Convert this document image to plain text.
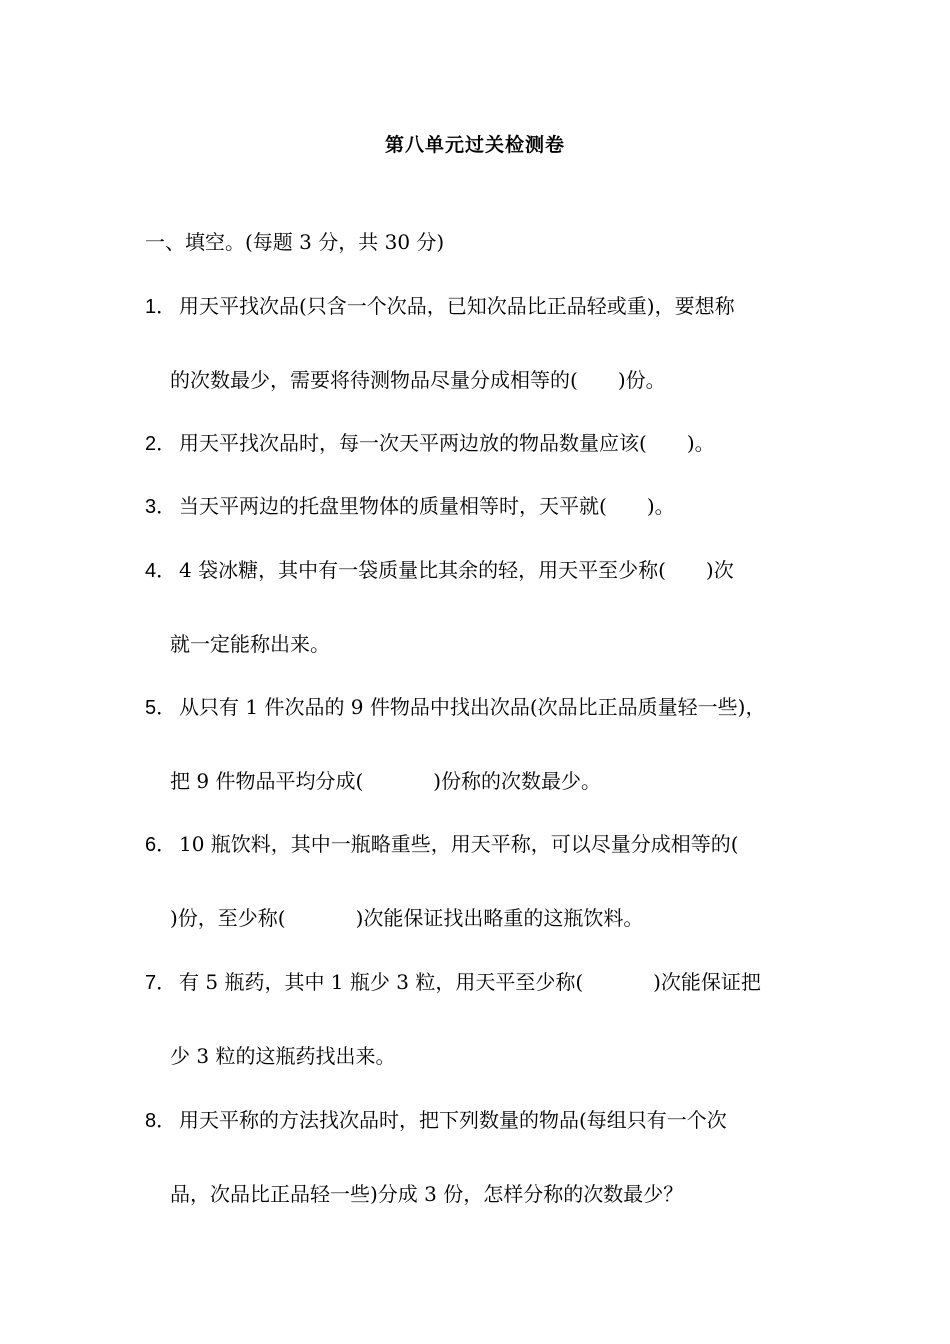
第八单元过关检测卷
一、填空。(每题 3 分，共 30 分)
1． 用天平找次品(只含一个次品，已知次品比正品轻或重)，要想称
的次数最少，需要将待测物品尽量分成相等的( )份。
2． 用天平找次品时，每一次天平两边放的物品数量应该( )。
3． 当天平两边的托盘里物体的质量相等时，天平就( )。
4． 4 袋冰糖，其中有一袋质量比其余的轻，用天平至少称( )次
就一定能称出来。
5． 从只有 1 件次品的 9 件物品中找出次品(次品比正品质量轻一些)，
把 9 件物品平均分成(	)份称的次数最少。
6． 10 瓶饮料，其中一瓶略重些，用天平称，可以尽量分成相等的(
)份，至少称(	)次能保证找出略重的这瓶饮料。
7． 有 5 瓶药，其中 1 瓶少 3 粒，用天平至少称(	)次能保证把
少 3 粒的这瓶药找出来。
8． 用天平称的方法找次品时，把下列数量的物品(每组只有一个次
品，次品比正品轻一些)分成 3 份，怎样分称的次数最少？
